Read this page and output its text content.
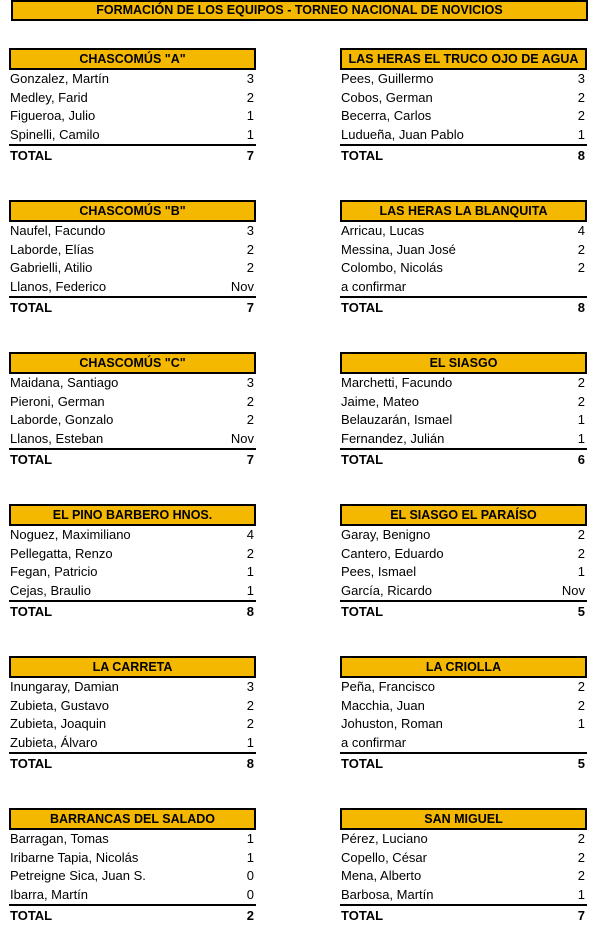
FORMACIÓN DE LOS EQUIPOS - TORNEO NACIONAL DE NOVICIOS
CHASCOMÚS "A"
Gonzalez, Martín	3
Medley, Farid	2
Figueroa, Julio	1
Spinelli, Camilo	1
TOTAL	7
LAS HERAS EL TRUCO OJO DE AGUA
Pees, Guillermo	3
Cobos, German	2
Becerra, Carlos	2
Ludueña, Juan Pablo	1
TOTAL	8
CHASCOMÚS "B"
Naufel, Facundo	3
Laborde, Elías	2
Gabrielli, Atilio	2
Llanos, Federico	Nov
TOTAL	7
LAS HERAS LA BLANQUITA
Arricau, Lucas	4
Messina, Juan José	2
Colombo, Nicolás	2
a confirmar
TOTAL	8
CHASCOMÚS "C"
Maidana, Santiago	3
Pieroni, German	2
Laborde, Gonzalo	2
Llanos, Esteban	Nov
TOTAL	7
EL SIASGO
Marchetti, Facundo	2
Jaime, Mateo	2
Belauzarán, Ismael	1
Fernandez, Julián	1
TOTAL	6
EL PINO BARBERO HNOS.
Noguez, Maximiliano	4
Pellegatta, Renzo	2
Fegan, Patricio	1
Cejas, Braulio	1
TOTAL	8
EL SIASGO EL PARAÍSO
Garay, Benigno	2
Cantero, Eduardo	2
Pees, Ismael	1
García, Ricardo	Nov
TOTAL	5
LA CARRETA
Inungaray, Damian	3
Zubieta, Gustavo	2
Zubieta, Joaquin	2
Zubieta, Álvaro	1
TOTAL	8
LA CRIOLLA
Peña, Francisco	2
Macchia, Juan	2
Johuston, Roman	1
a confirmar
TOTAL	5
BARRANCAS DEL SALADO
Barragan, Tomas	1
Iribarne Tapia, Nicolás	1
Petreigne Sica, Juan S.	0
Ibarra, Martín	0
TOTAL	2
SAN MIGUEL
Pérez, Luciano	2
Copello, César	2
Mena, Alberto	2
Barbosa, Martín	1
TOTAL	7
